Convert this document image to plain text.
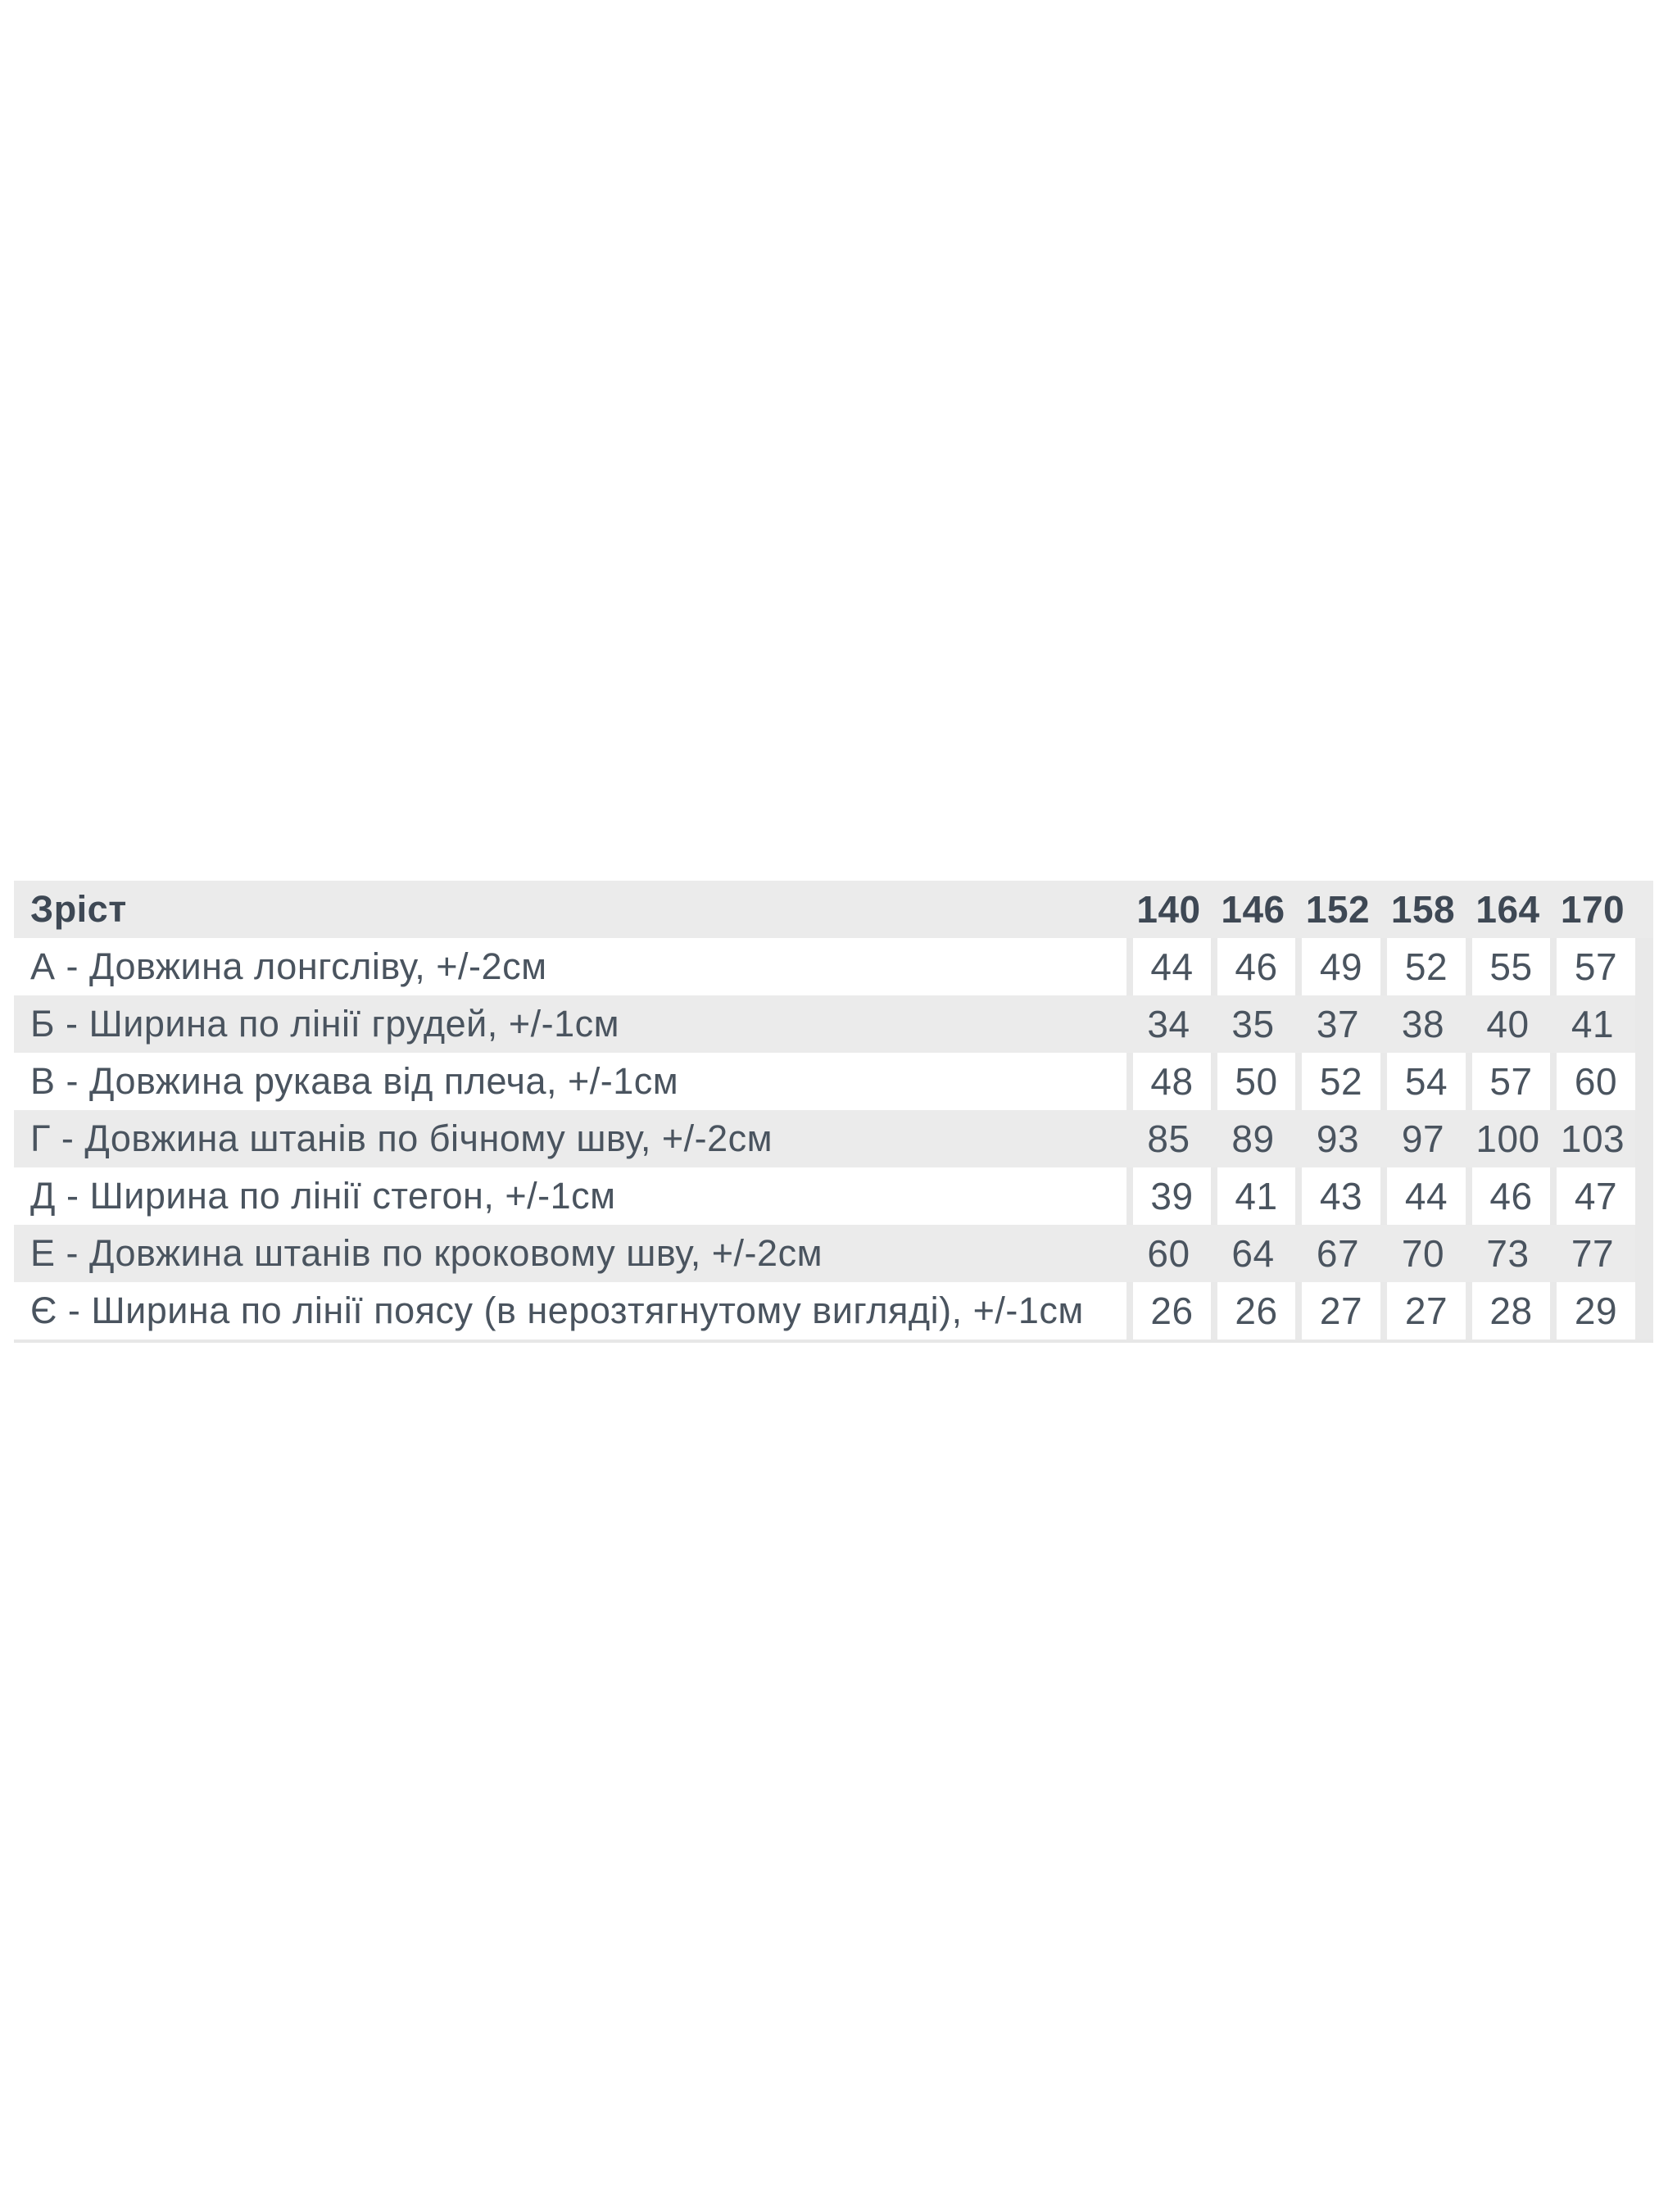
Зріст	140 146 152 158 164 170
А - Довжина лонгсліву, +/-2см	44	46	49	52	55	57
Б - Ширина по лінії грудей, +/-1см	34	35	37	38	40	41
В - Довжина рукава від плеча, +/-1см	48	50	52	54	57	60
Г - Довжина штанів по бічному шву, +/-2см	85	89	93	97 100 103
Д - Ширина по лінії стегон, +/-1см	39	41	43	44	46	47
Е - Довжина штанів по кроковому шву, +/-2см	60	64	67	70	73	77
Є - Ширина по лінії поясу (в нерозтягнутому вигляді), +/-1см	26	26	27	27	28	29
